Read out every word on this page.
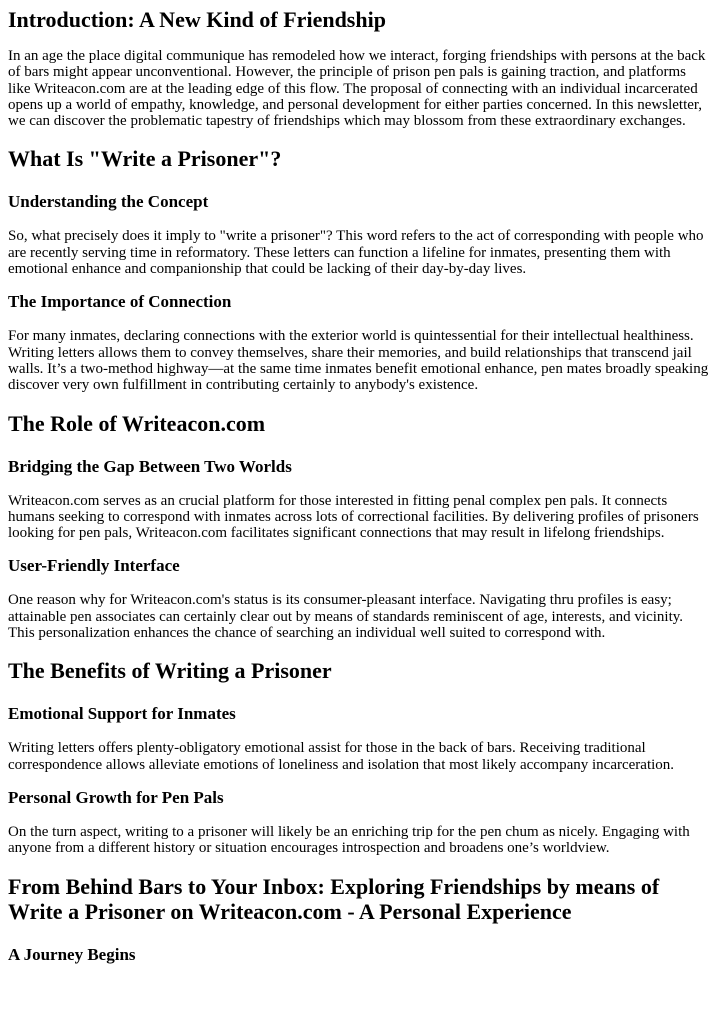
Introduction: A New Kind of Friendship

In an age the place digital communique has remodeled how we interact, forging friendships with persons at the back of bars might appear unconventional. However, the principle of prison pen pals is gaining traction, and platforms like Writeacon.com are at the leading edge of this flow. The proposal of connecting with an individual incarcerated opens up a world of empathy, knowledge, and personal development for either parties concerned. In this newsletter, we can discover the problematic tapestry of friendships which may blossom from these extraordinary exchanges.

What Is "Write a Prisoner"?
Understanding the Concept

So, what precisely does it imply to "write a prisoner"? This word refers to the act of corresponding with people who are recently serving time in reformatory. These letters can function a lifeline for inmates, presenting them with emotional enhance and companionship that could be lacking of their day-by-day lives.

The Importance of Connection

For many inmates, declaring connections with the exterior world is quintessential for their intellectual healthiness. Writing letters allows them to convey themselves, share their memories, and build relationships that transcend jail walls. It’s a two-method highway—at the same time inmates benefit emotional enhance, pen mates broadly speaking discover very own fulfillment in contributing certainly to anybody's existence.

The Role of Writeacon.com
Bridging the Gap Between Two Worlds

Writeacon.com serves as an crucial platform for those interested in fitting penal complex pen pals. It connects humans seeking to correspond with inmates across lots of correctional facilities. By delivering profiles of prisoners looking for pen pals, Writeacon.com facilitates significant connections that may result in lifelong friendships.

User-Friendly Interface

One reason why for Writeacon.com's status is its consumer-pleasant interface. Navigating thru profiles is easy; attainable pen associates can certainly clear out by means of standards reminiscent of age, interests, and vicinity. This personalization enhances the chance of searching an individual well suited to correspond with.

The Benefits of Writing a Prisoner
Emotional Support for Inmates

Writing letters offers plenty-obligatory emotional assist for those in the back of bars. Receiving traditional correspondence allows alleviate emotions of loneliness and isolation that most likely accompany incarceration.

Personal Growth for Pen Pals

On the turn aspect, writing to a prisoner will likely be an enriching trip for the pen chum as nicely. Engaging with anyone from a different history or situation encourages introspection and broadens one’s worldview.

From Behind Bars to Your Inbox: Exploring Friendships by means of Write a Prisoner on Writeacon.com - A Personal Experience
A Journey Begins
